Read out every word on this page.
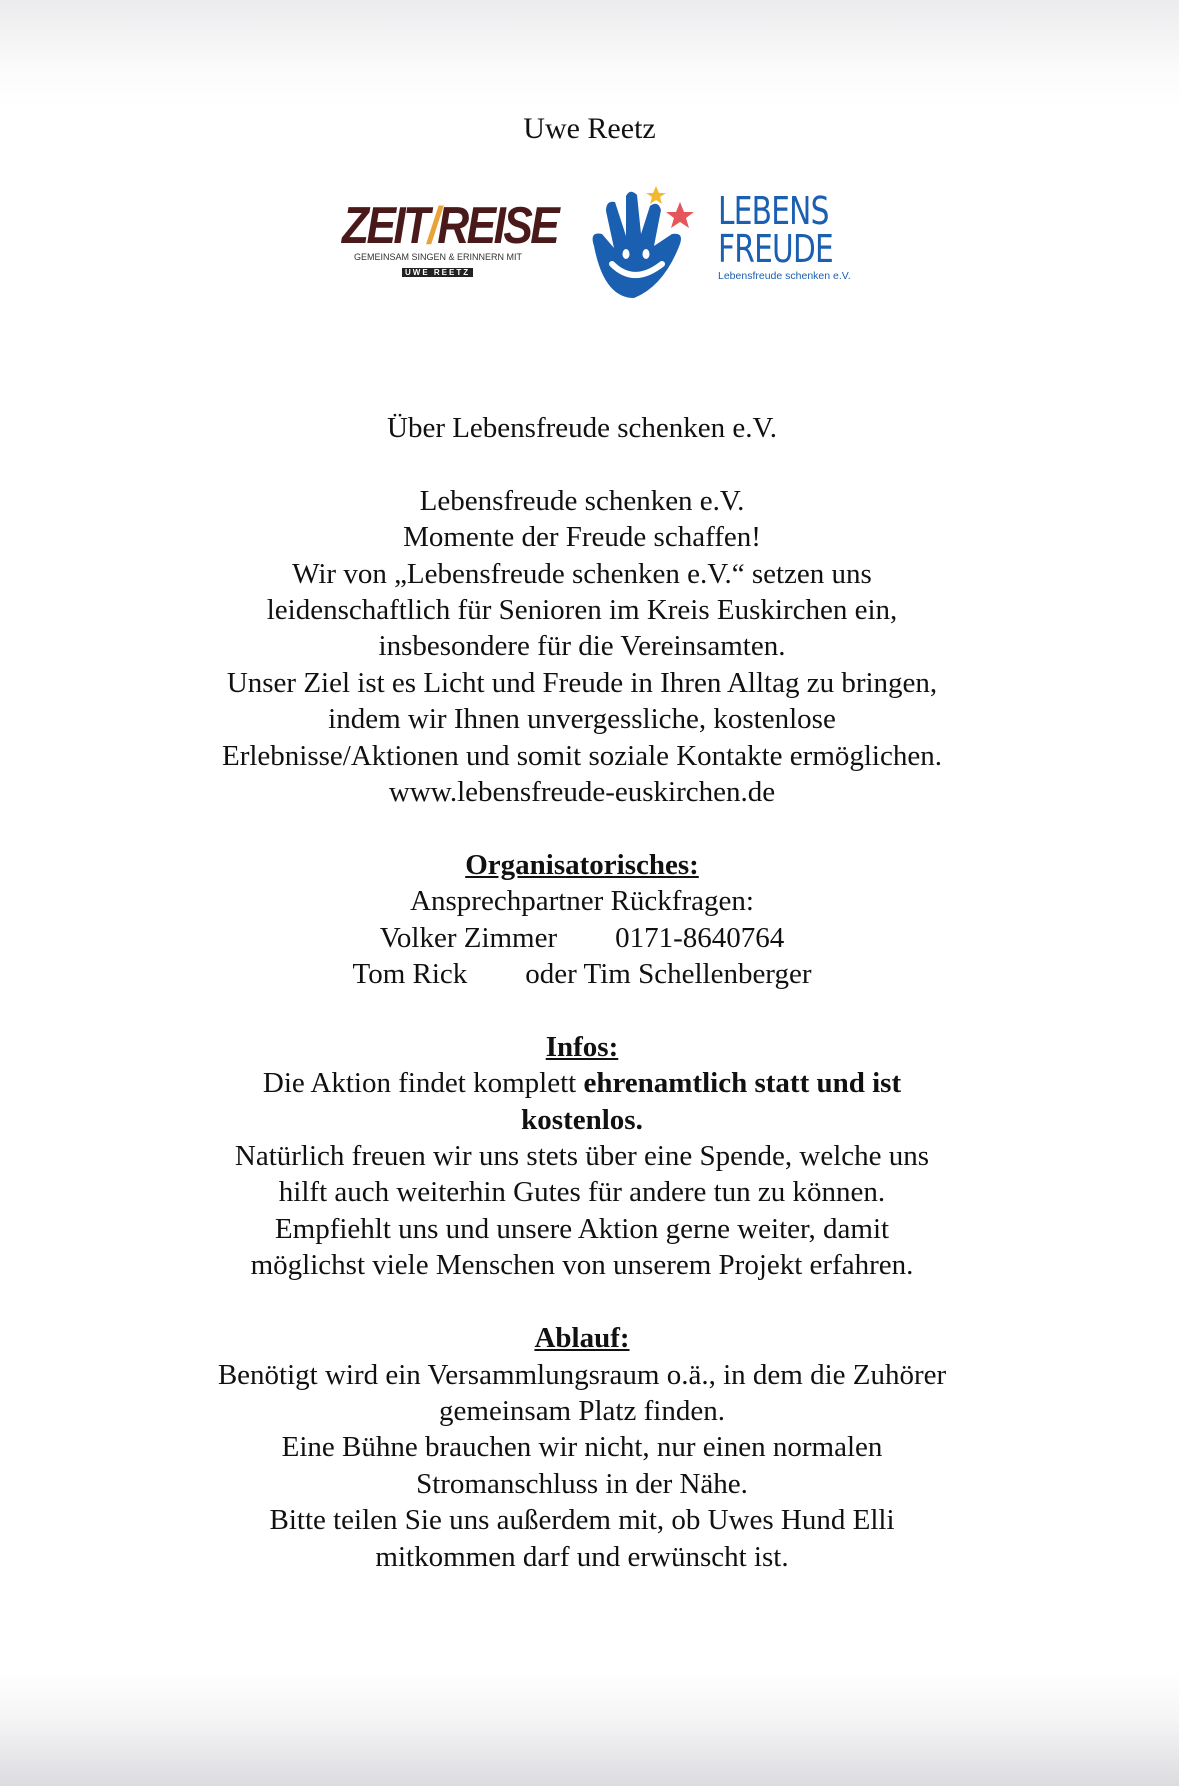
Uwe Reetz
ZEIT/REISE
GEMEINSAM SINGEN & ERINNERN MIT
UWE REETZ
LEBENS
FREUDE
Lebensfreude schenken e.V.
Über Lebensfreude schenken e.V.
Lebensfreude schenken e.V.
Momente der Freude schaffen!
Wir von „Lebensfreude schenken e.V.“ setzen uns
leidenschaftlich für Senioren im Kreis Euskirchen ein,
insbesondere für die Vereinsamten.
Unser Ziel ist es Licht und Freude in Ihren Alltag zu bringen,
indem wir Ihnen unvergessliche, kostenlose
Erlebnisse/Aktionen und somit soziale Kontakte ermöglichen.
www.lebensfreude-euskirchen.de
Organisatorisches:
Ansprechpartner Rückfragen:
Volker Zimmer        0171-8640764
Tom Rick        oder Tim Schellenberger
Infos:
Die Aktion findet komplett ehrenamtlich statt und ist
kostenlos.
Natürlich freuen wir uns stets über eine Spende, welche uns
hilft auch weiterhin Gutes für andere tun zu können.
Empfiehlt uns und unsere Aktion gerne weiter, damit
möglichst viele Menschen von unserem Projekt erfahren.
Ablauf:
Benötigt wird ein Versammlungsraum o.ä., in dem die Zuhörer
gemeinsam Platz finden.
Eine Bühne brauchen wir nicht, nur einen normalen
Stromanschluss in der Nähe.
Bitte teilen Sie uns außerdem mit, ob Uwes Hund Elli
mitkommen darf und erwünscht ist.
